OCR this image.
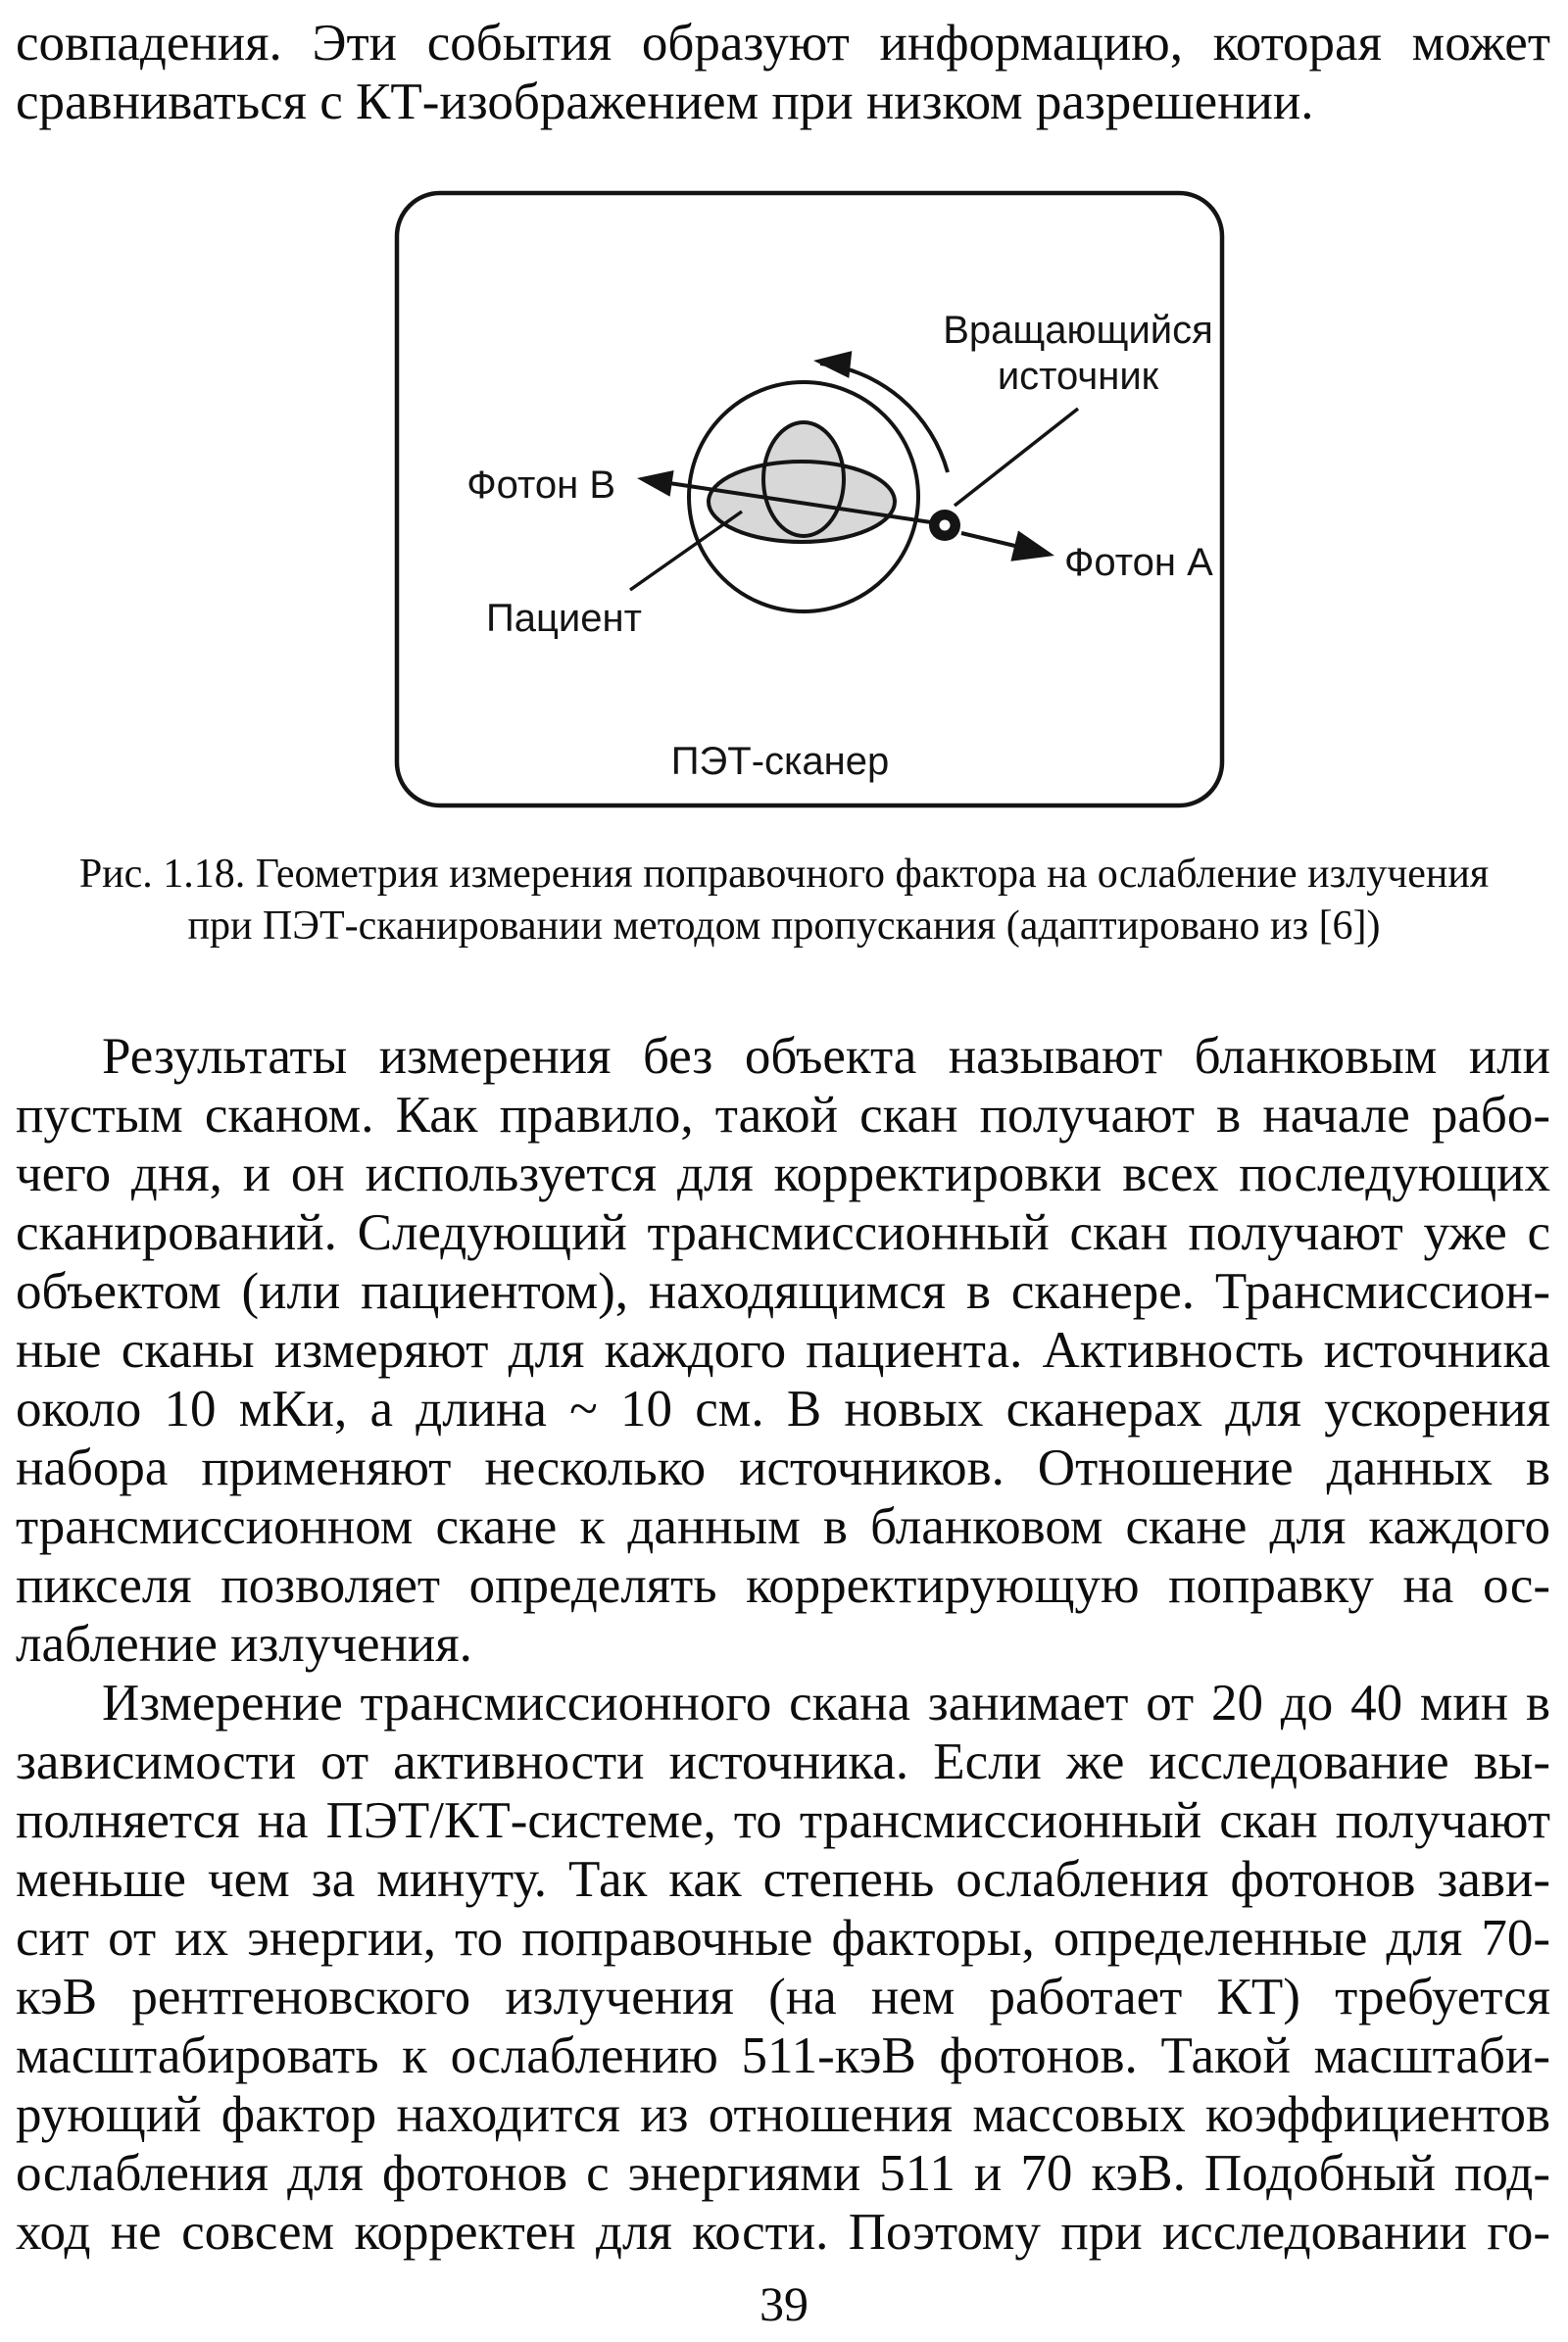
совпадения. Эти события образуют информацию, которая может
сравниваться с КТ-изображением при низком разрешении.
Вращающийся
источник
Фотон В
Фотон А
Пациент
ПЭТ-сканер
Рис. 1.18. Геометрия измерения поправочного фактора на ослабление излучения
при ПЭТ-сканировании методом пропускания (адаптировано из [6])
Результаты измерения без объекта называют бланковым или
пустым сканом. Как правило, такой скан получают в начале рабо-
чего дня, и он используется для корректировки всех последующих
сканирований. Следующий трансмиссионный скан получают уже с
объектом (или пациентом), находящимся в сканере. Трансмиссион-
ные сканы измеряют для каждого пациента. Активность источника
около 10 мКи, а длина ~ 10 см. В новых сканерах для ускорения
набора применяют несколько источников. Отношение данных в
трансмиссионном скане к данным в бланковом скане для каждого
пикселя позволяет определять корректирующую поправку на ос-
лабление излучения.
Измерение трансмиссионного скана занимает от 20 до 40 мин в
зависимости от активности источника. Если же исследование вы-
полняется на ПЭТ/КТ-системе, то трансмиссионный скан получают
меньше чем за минуту. Так как степень ослабления фотонов зави-
сит от их энергии, то поправочные факторы, определенные для 70-
кэВ рентгеновского излучения (на нем работает КТ) требуется
масштабировать к ослаблению 511-кэВ фотонов. Такой масштаби-
рующий фактор находится из отношения массовых коэффициентов
ослабления для фотонов с энергиями 511 и 70 кэВ. Подобный под-
ход не совсем корректен для кости. Поэтому при исследовании го-
39
